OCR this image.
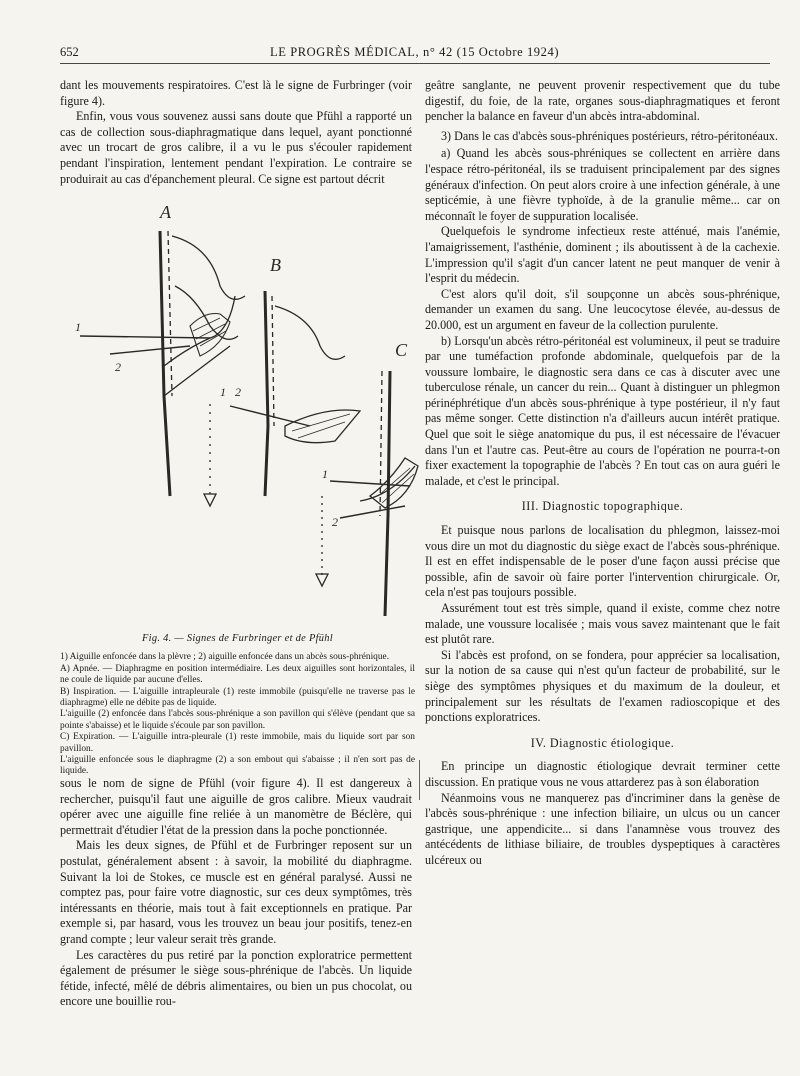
652	LE PROGRÈS MÉDICAL, n° 42 (15 Octobre 1924)

dant les mouvements respiratoires. C'est là le signe de Furbringer (voir figure 4).

Enfin, vous vous souvenez aussi sans doute que Pfühl a rapporté un cas de collection sous-diaphragmatique dans lequel, ayant ponctionné avec un trocart de gros calibre, il a vu le pus s'écouler rapidement pendant l'inspiration, lentement pendant l'expiration. Le contraire se produirait au cas d'épanchement pleural. Ce signe est partout décrit

A
B
C
1
2
1 2
1
2
Fig. 4. — Signes de Furbringer et de Pfühl

1) Aiguille enfoncée dans la plèvre ; 2) aiguille enfoncée dans un abcès sous-phrénique.

A) Apnée. — Diaphragme en position intermédiaire. Les deux aiguilles sont horizontales, il ne coule de liquide par aucune d'elles.

B) Inspiration. — L'aiguille intrapleurale (1) reste immobile (puisqu'elle ne traverse pas le diaphragme) elle ne débite pas de liquide.

L'aiguille (2) enfoncée dans l'abcès sous-phrénique a son pavillon qui s'élève (pendant que sa pointe s'abaisse) et le liquide s'écoule par son pavillon.

C) Expiration. — L'aiguille intra-pleurale (1) reste immobile, mais du liquide sort par son pavillon.

L'aiguille enfoncée sous le diaphragme (2) a son embout qui s'abaisse ; il n'en sort pas de liquide.

sous le nom de signe de Pfühl (voir figure 4). Il est dangereux à rechercher, puisqu'il faut une aiguille de gros calibre. Mieux vaudrait opérer avec une aiguille fine reliée à un manomètre de Béclère, qui permettrait d'étudier l'état de la pression dans la poche ponctionnée.

Mais les deux signes, de Pfühl et de Furbringer reposent sur un postulat, généralement absent : à savoir, la mobilité du diaphragme. Suivant la loi de Stokes, ce muscle est en général paralysé. Aussi ne comptez pas, pour faire votre diagnostic, sur ces deux symptômes, très intéressants en théorie, mais tout à fait exceptionnels en pratique. Par exemple si, par hasard, vous les trouvez un beau jour positifs, tenez-en grand compte ; leur valeur serait très grande.

Les caractères du pus retiré par la ponction exploratrice permettent également de présumer le siège sous-phrénique de l'abcès. Un liquide fétide, infecté, mêlé de débris alimentaires, ou bien un pus chocolat, ou encore une bouillie rou-

geâtre sanglante, ne peuvent provenir respectivement que du tube digestif, du foie, de la rate, organes sous-diaphragmatiques et feront pencher la balance en faveur d'un abcès intra-abdominal.

3) Dans le cas d'abcès sous-phréniques postérieurs, rétro-péritonéaux.

a) Quand les abcès sous-phréniques se collectent en arrière dans l'espace rétro-péritonéal, ils se traduisent principalement par des signes généraux d'infection. On peut alors croire à une infection générale, à une septicémie, à une fièvre typhoïde, à de la granulie même... car on méconnaît le foyer de suppuration localisée.

Quelquefois le syndrome infectieux reste atténué, mais l'anémie, l'amaigrissement, l'asthénie, dominent ; ils aboutissent à de la cachexie. L'impression qu'il s'agit d'un cancer latent ne peut manquer de venir à l'esprit du médecin.

C'est alors qu'il doit, s'il soupçonne un abcès sous-phrénique, demander un examen du sang. Une leucocytose élevée, au-dessus de 20.000, est un argument en faveur de la collection purulente.

b) Lorsqu'un abcès rétro-péritonéal est volumineux, il peut se traduire par une tuméfaction profonde abdominale, quelquefois par de la voussure lombaire, le diagnostic sera dans ce cas à discuter avec une tuberculose rénale, un cancer du rein... Quant à distinguer un phlegmon périnéphrétique d'un abcès sous-phrénique à type postérieur, il n'y faut pas même songer. Cette distinction n'a d'ailleurs aucun intérêt pratique. Quel que soit le siège anatomique du pus, il est nécessaire de l'évacuer dans l'un et l'autre cas. Peut-être au cours de l'opération ne pourra-t-on fixer exactement la topographie de l'abcès ? En tout cas on aura guéri le malade, et c'est le principal.

III. Diagnostic topographique.

Et puisque nous parlons de localisation du phlegmon, laissez-moi vous dire un mot du diagnostic du siège exact de l'abcès sous-phrénique. Il est en effet indispensable de le poser d'une façon aussi précise que possible, afin de savoir où faire porter l'intervention chirurgicale. Or, cela n'est pas toujours possible.

Assurément tout est très simple, quand il existe, comme chez notre malade, une voussure localisée ; mais vous savez maintenant que le fait est plutôt rare.

Si l'abcès est profond, on se fondera, pour apprécier sa localisation, sur la notion de sa cause qui n'est qu'un facteur de probabilité, sur le siège des symptômes physiques et du maximum de la douleur, et principalement sur les résultats de l'examen radioscopique et des ponctions exploratrices.

IV. Diagnostic étiologique.

En principe un diagnostic étiologique devrait terminer cette discussion. En pratique vous ne vous attarderez pas à son élaboration

Néanmoins vous ne manquerez pas d'incriminer dans la genèse de l'abcès sous-phrénique : une infection biliaire, un ulcus ou un cancer gastrique, une appendicite... si dans l'anamnèse vous trouvez des antécédents de lithiase biliaire, de troubles dyspeptiques à caractères ulcéreux ou
